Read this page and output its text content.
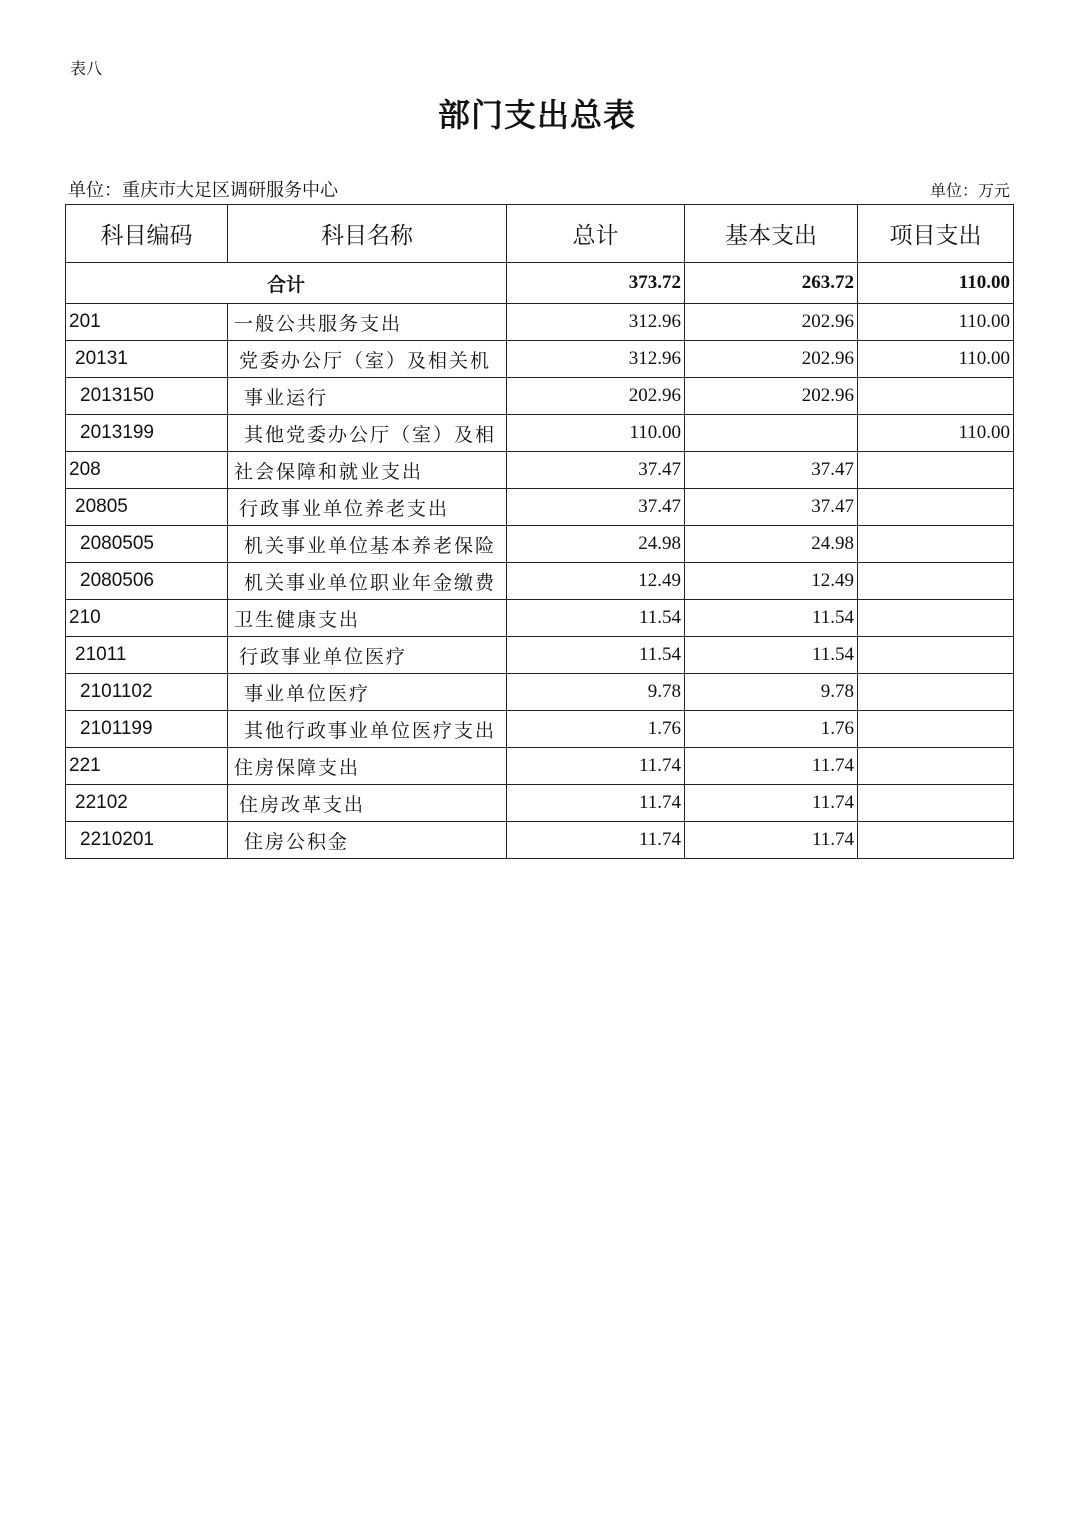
表八
部门支出总表
单位：重庆市大足区调研服务中心	单位：万元
科目编码	科目名称	总计	基本支出	项目支出
合计		373.72	263.72	110.00
201	一般公共服务支出	312.96	202.96	110.00
20131	党委办公厅（室）及相关机	312.96	202.96	110.00
2013150	事业运行	202.96	202.96	
2013199	其他党委办公厅（室）及相	110.00		110.00
208	社会保障和就业支出	37.47	37.47	
20805	行政事业单位养老支出	37.47	37.47	
2080505	机关事业单位基本养老保险	24.98	24.98	
2080506	机关事业单位职业年金缴费	12.49	12.49	
210	卫生健康支出	11.54	11.54	
21011	行政事业单位医疗	11.54	11.54	
2101102	事业单位医疗	9.78	9.78	
2101199	其他行政事业单位医疗支出	1.76	1.76	
221	住房保障支出	11.74	11.74	
22102	住房改革支出	11.74	11.74	
2210201	住房公积金	11.74	11.74	
